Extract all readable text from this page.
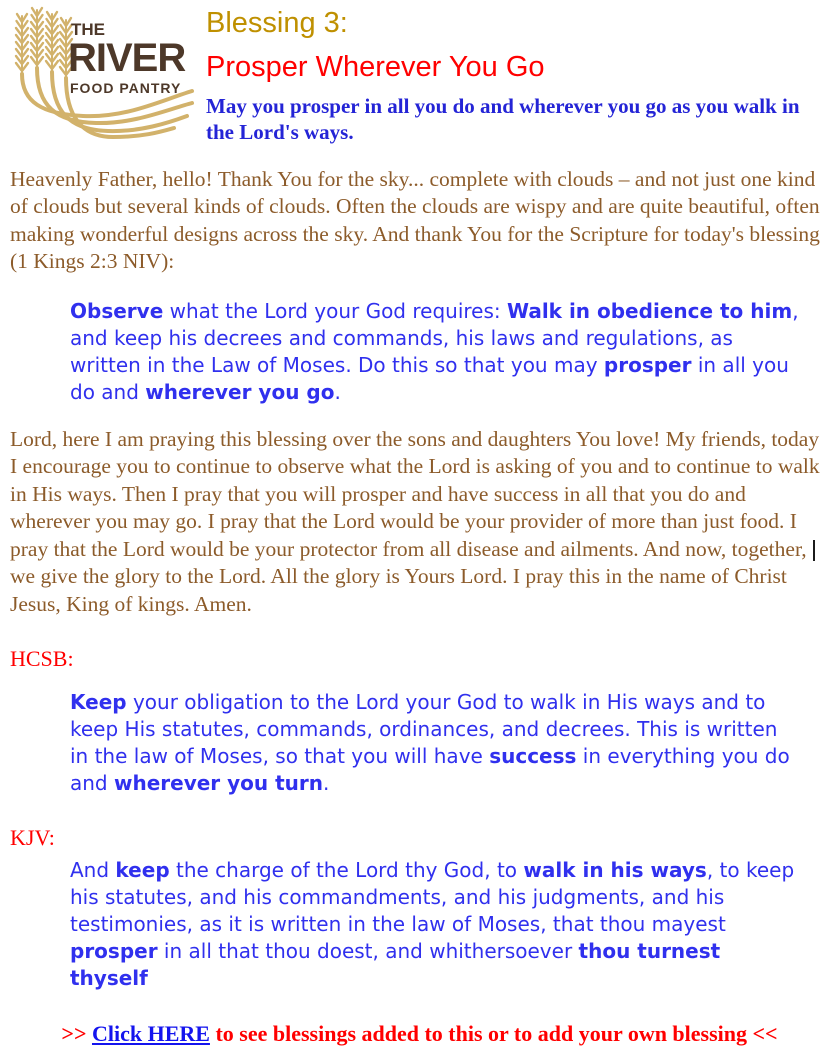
THE
RIVER
FOOD PANTRY
Blessing 3:
Prosper Wherever You Go
May you prosper in all you do and wherever you go as you walk in the Lord's ways.

Heavenly Father, hello! Thank You for the sky... complete with clouds – and not just one kind of clouds but several kinds of clouds. Often the clouds are wispy and are quite beautiful, often making wonderful designs across the sky. And thank You for the Scripture for today's blessing (1 Kings 2:3 NIV):

Observe what the Lord your God requires: Walk in obedience to him, and keep his decrees and commands, his laws and regulations, as written in the Law of Moses. Do this so that you may prosper in all you do and wherever you go.

Lord, here I am praying this blessing over the sons and daughters You love! My friends, today I encourage you to continue to observe what the Lord is asking of you and to continue to walk in His ways. Then I pray that you will prosper and have success in all that you do and wherever you may go. I pray that the Lord would be your provider of more than just food. I pray that the Lord would be your protector from all disease and ailments. And now, together, we give the glory to the Lord. All the glory is Yours Lord. I pray this in the name of Christ Jesus, King of kings. Amen.

HCSB:

Keep your obligation to the Lord your God to walk in His ways and to keep His statutes, commands, ordinances, and decrees. This is written in the law of Moses, so that you will have success in everything you do and wherever you turn.

KJV:

And keep the charge of the Lord thy God, to walk in his ways, to keep his statutes, and his commandments, and his judgments, and his testimonies, as it is written in the law of Moses, that thou mayest prosper in all that thou doest, and whithersoever thou turnest thyself

>> Click HERE to see blessings added to this or to add your own blessing <<
